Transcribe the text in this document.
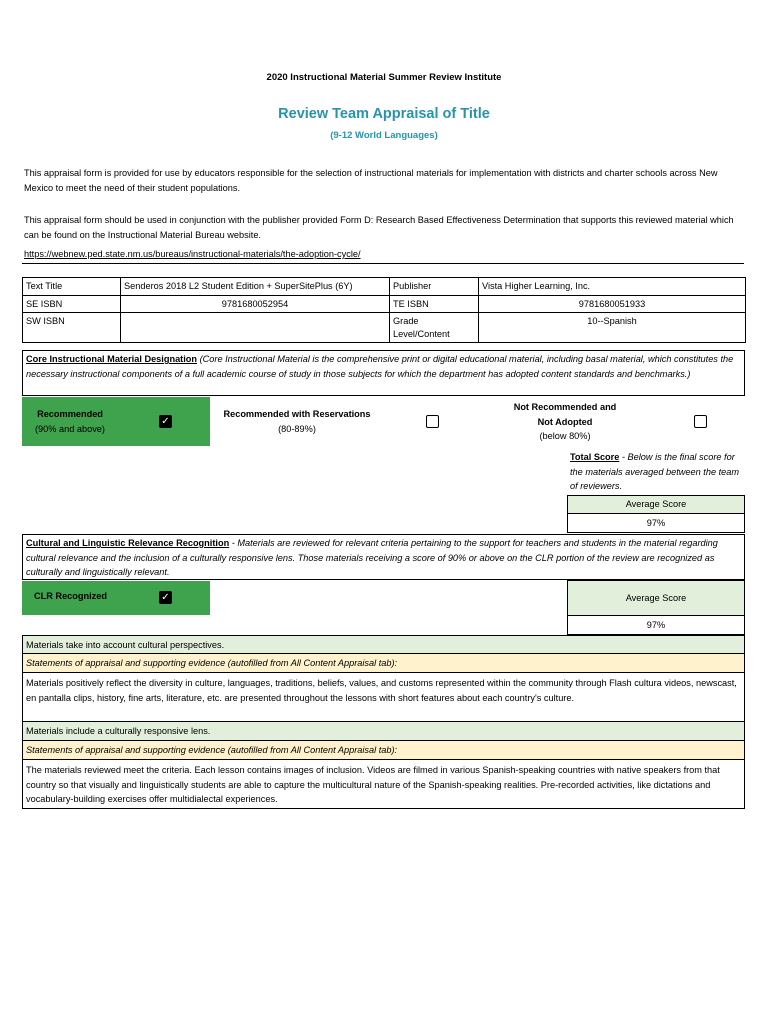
2020 Instructional Material Summer Review Institute
Review Team Appraisal of Title
(9-12 World Languages)
This appraisal form is provided for use by educators responsible for the selection of instructional materials for implementation with districts and charter schools across New Mexico to meet the need of their student populations.
This appraisal form should be used in conjunction with the publisher provided Form D: Research Based Effectiveness Determination that supports this reviewed material which can be found on the Instructional Material Bureau website.
https://webnew.ped.state.nm.us/bureaus/instructional-materials/the-adoption-cycle/
Text Title	Senderos 2018 L2 Student Edition + SuperSitePlus (6Y)	Publisher	Vista Higher Learning, Inc.
SE ISBN	9781680052954	TE ISBN	9781680051933
SW ISBN		Grade Level/Content	10--Spanish
Core Instructional Material Designation (Core Instructional Material is the comprehensive print or digital educational material, including basal material, which constitutes the necessary instructional components of a full academic course of study in those subjects for which the department has adopted content standards and benchmarks.)
Recommended
(90% and above)
✓
Recommended with Reservations
(80-89%)
Not Recommended and
Not Adopted
(below 80%)
Total Score - Below is the final score for the materials averaged between the team of reviewers.
Average Score
97%
Cultural and Linguistic Relevance Recognition - Materials are reviewed for relevant criteria pertaining to the support for teachers and students in the material regarding cultural relevance and the inclusion of a culturally responsive lens. Those materials receiving a score of 90% or above on the CLR portion of the review are recognized as culturally and linguistically relevant.
CLR Recognized	✓	Average Score
97%
Materials take into account cultural perspectives.
Statements of appraisal and supporting evidence (autofilled from All Content Appraisal tab):
Materials positively reflect the diversity in culture, languages, traditions, beliefs, values, and customs represented within the community through Flash cultura videos, newscast, en pantalla clips, history, fine arts, literature, etc. are presented throughout the lessons with short features about each country's culture.
Materials include a culturally responsive lens.
Statements of appraisal and supporting evidence (autofilled from All Content Appraisal tab):
The materials reviewed meet the criteria. Each lesson contains images of inclusion. Videos are filmed in various Spanish-speaking countries with native speakers from that country so that visually and linguistically students are able to capture the multicultural nature of the Spanish-speaking realities. Pre-recorded activities, like dictations and vocabulary-building exercises offer multidialectal experiences.
